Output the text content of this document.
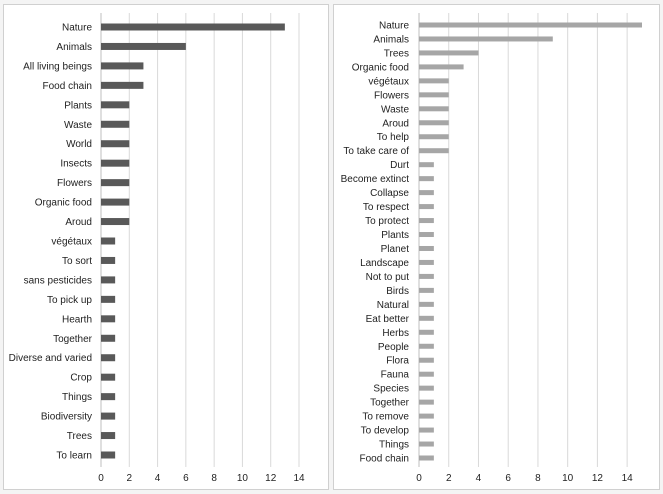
0 2 4 6 8 10 12 14
Nature
Animals
All living beings
Food chain
Plants
Waste
World
Insects
Flowers
Organic food
Aroud
végétaux
To sort
sans pesticides
To pick up
Hearth
Together
Diverse and varied
Crop
Things
Biodiversity
Trees
To learn
0 2 4 6 8 10 12 14
Nature
Animals
Trees
Organic food
végétaux
Flowers
Waste
Aroud
To help
To take care of
Durt
Become extinct
Collapse
To respect
To protect
Plants
Planet
Landscape
Not to put
Birds
Natural
Eat better
Herbs
People
Flora
Fauna
Species
Together
To remove
To develop
Things
Food chain
